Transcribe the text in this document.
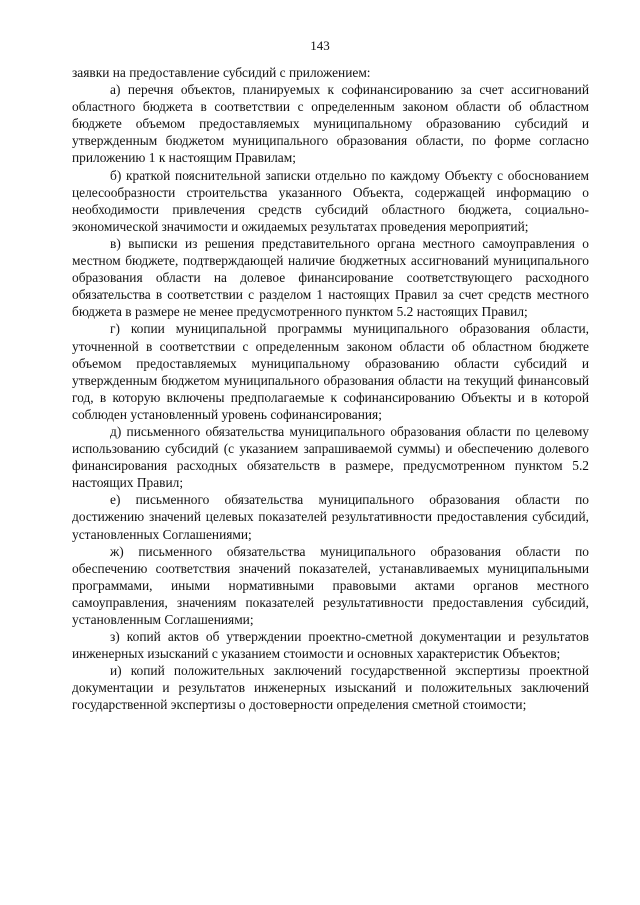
143

заявки на предоставление субсидий с приложением:

а) перечня объектов, планируемых к софинансированию за счет ассигнований областного бюджета в соответствии с определенным законом области об областном бюджете объемом предоставляемых муниципальному образованию субсидий и утвержденным бюджетом муниципального образования области, по форме согласно приложению 1 к настоящим Правилам;

б) краткой пояснительной записки отдельно по каждому Объекту с обоснованием целесообразности строительства указанного Объекта, содержащей информацию о необходимости привлечения средств субсидий областного бюджета, социально-экономической значимости и ожидаемых результатах проведения мероприятий;

в) выписки из решения представительного органа местного самоуправления о местном бюджете, подтверждающей наличие бюджетных ассигнований муниципального образования области на долевое финансирование соответствующего расходного обязательства в соответствии с разделом 1 настоящих Правил за счет средств местного бюджета в размере не менее предусмотренного пунктом 5.2 настоящих Правил;

г) копии муниципальной программы муниципального образования области, уточненной в соответствии с определенным законом области об областном бюджете объемом предоставляемых муниципальному образованию области субсидий и утвержденным бюджетом муниципального образования области на текущий финансовый год, в которую включены предполагаемые к софинансированию Объекты и в которой соблюден установленный уровень софинансирования;

д) письменного обязательства муниципального образования области по целевому использованию субсидий (с указанием запрашиваемой суммы) и обеспечению долевого финансирования расходных обязательств в размере, предусмотренном пунктом 5.2 настоящих Правил;

е) письменного обязательства муниципального образования области по достижению значений целевых показателей результативности предоставления субсидий, установленных Соглашениями;

ж) письменного обязательства муниципального образования области по обеспечению соответствия значений показателей, устанавливаемых муниципальными программами, иными нормативными правовыми актами органов местного самоуправления, значениям показателей результативности предоставления субсидий, установленным Соглашениями;

з) копий актов об утверждении проектно-сметной документации и результатов инженерных изысканий с указанием стоимости и основных характеристик Объектов;

и) копий положительных заключений государственной экспертизы проектной документации и результатов инженерных изысканий и положительных заключений государственной экспертизы о достоверности определения сметной стоимости;
